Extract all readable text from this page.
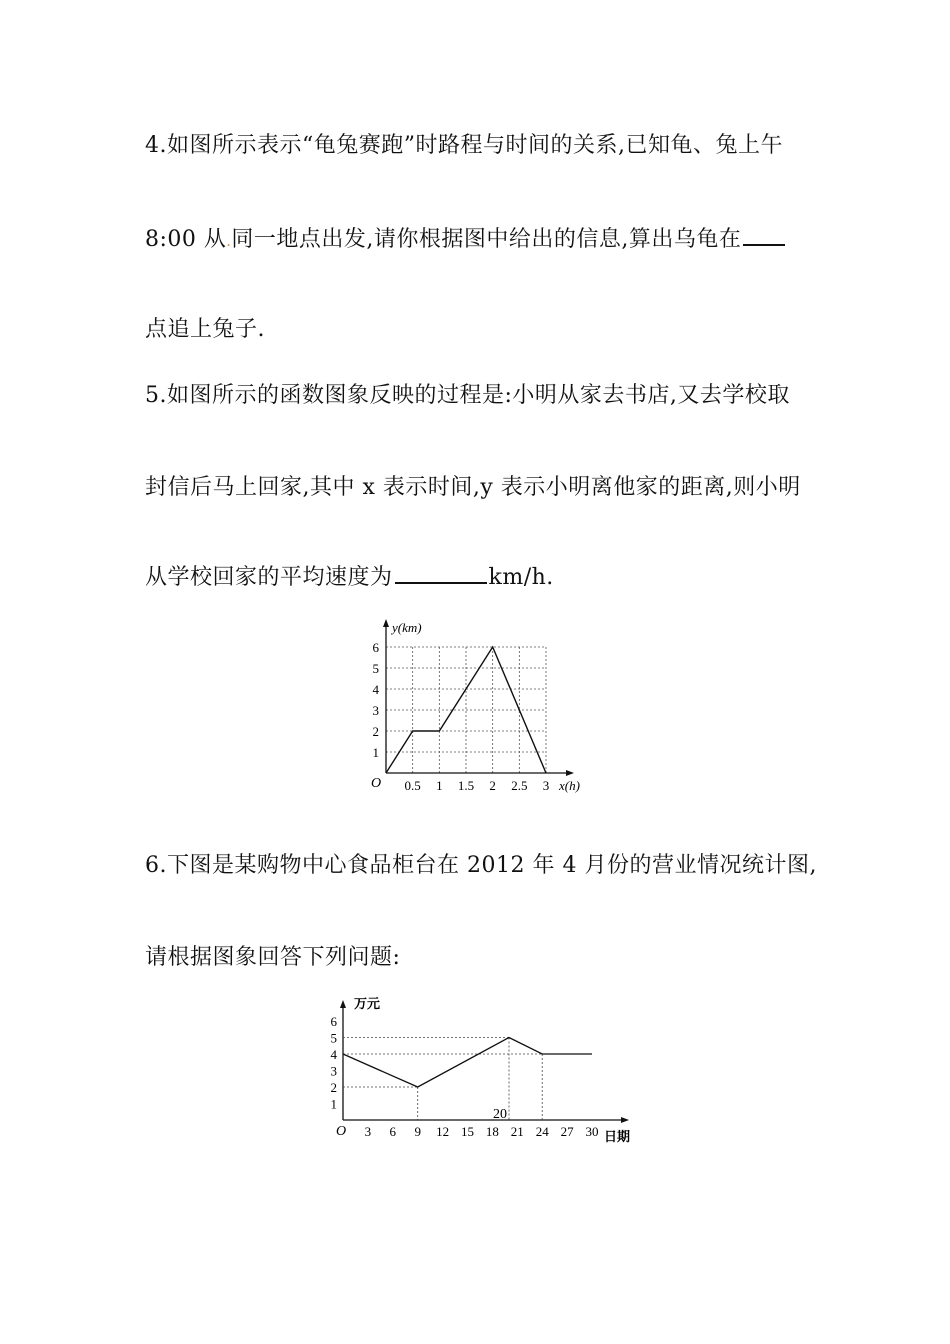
4.如图所示表示“龟兔赛跑”时路程与时间的关系,已知龟、兔上午
8:00 从.同一地点出发,请你根据图中给出的信息,算出乌龟在
点追上兔子.
5.如图所示的函数图象反映的过程是:小明从家去书店,又去学校取
封信后马上回家,其中 x 表示时间,y 表示小明离他家的距离,则小明
从学校回家的平均速度为	km/h.
y(km)
x(h)
O 0.5 1 1.5 2 2.5 3
1
2
3
4
5
6
6.下图是某购物中心食品柜台在 2012 年 4 月份的营业情况统计图,
请根据图象回答下列问题:
万元
日期
O
20
3 6 9 12 15 18 21 24 27 30
1
2
3
4
5
6
